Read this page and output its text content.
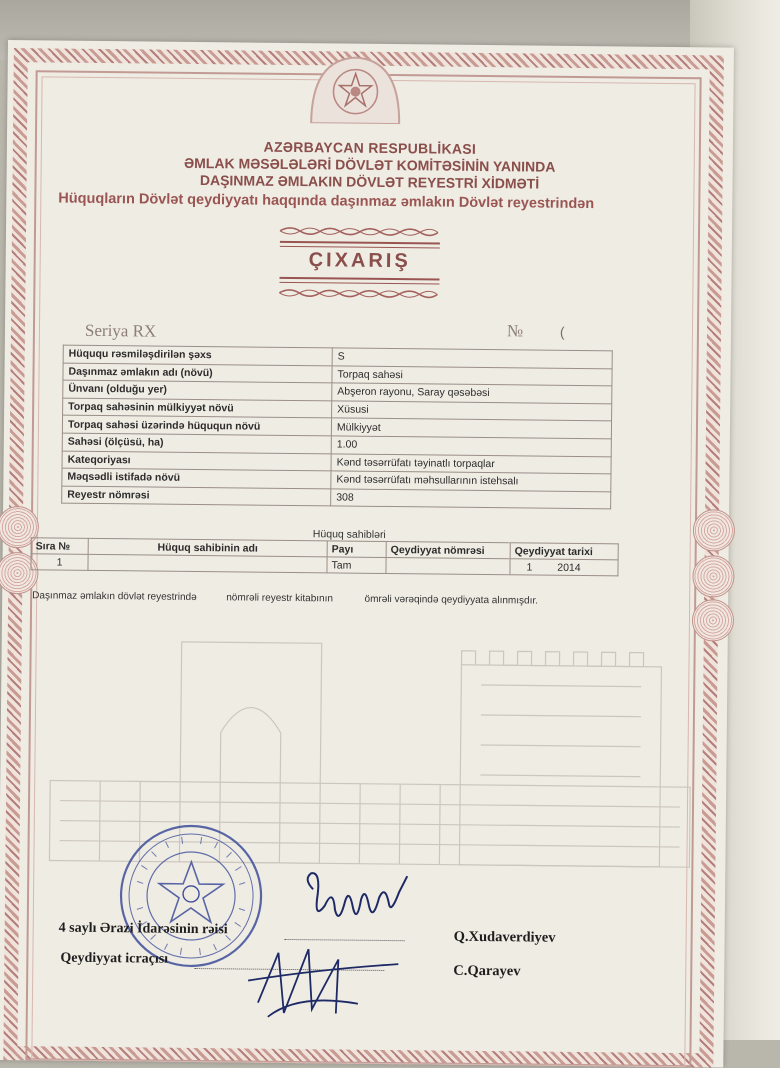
AZƏRBAYCAN RESPUBLİKASI
ƏMLAK MƏSƏLƏLƏRİ DÖVLƏT KOMİTƏSİNİN YANINDA
DAŞINMAZ ƏMLAKIN DÖVLƏT REYESTRİ XİDMƏTİ
Hüquqların Dövlət qeydiyyatı haqqında daşınmaz əmlakın Dövlət reyestrindən
ÇIXARIŞ
Seriya RX	№	(
Hüququ rəsmiləşdirilən şəxs	S
Daşınmaz əmlakın adı (növü)	Torpaq sahəsi
Ünvanı (olduğu yer)	Abşeron rayonu, Saray qəsəbəsi
Torpaq sahəsinin mülkiyyət növü	Xüsusi
Torpaq sahəsi üzərində hüququn növü	Mülkiyyət
Sahəsi (ölçüsü, ha)	1.00
Kateqoriyası	Kənd təsərrüfatı təyinatlı torpaqlar
Məqsədli istifadə növü	Kənd təsərrüfatı məhsullarının istehsalı
Reyestr nömrəsi	308
Hüquq sahibləri
Sıra №	Hüquq sahibinin adı	Payı	Qeydiyyat nömrəsi	Qeydiyyat tarixi
1		Tam		1 2014
Daşınmaz əmlakın dövlət reyestrində	nömrəli reyestr kitabının	ömrəli vərəqində qeydiyyata alınmışdır.
4 saylı Ərazi İdarəsinin rəisi	Q.Xudaverdiyev
Qeydiyyat icraçısı
C.Qarayev
